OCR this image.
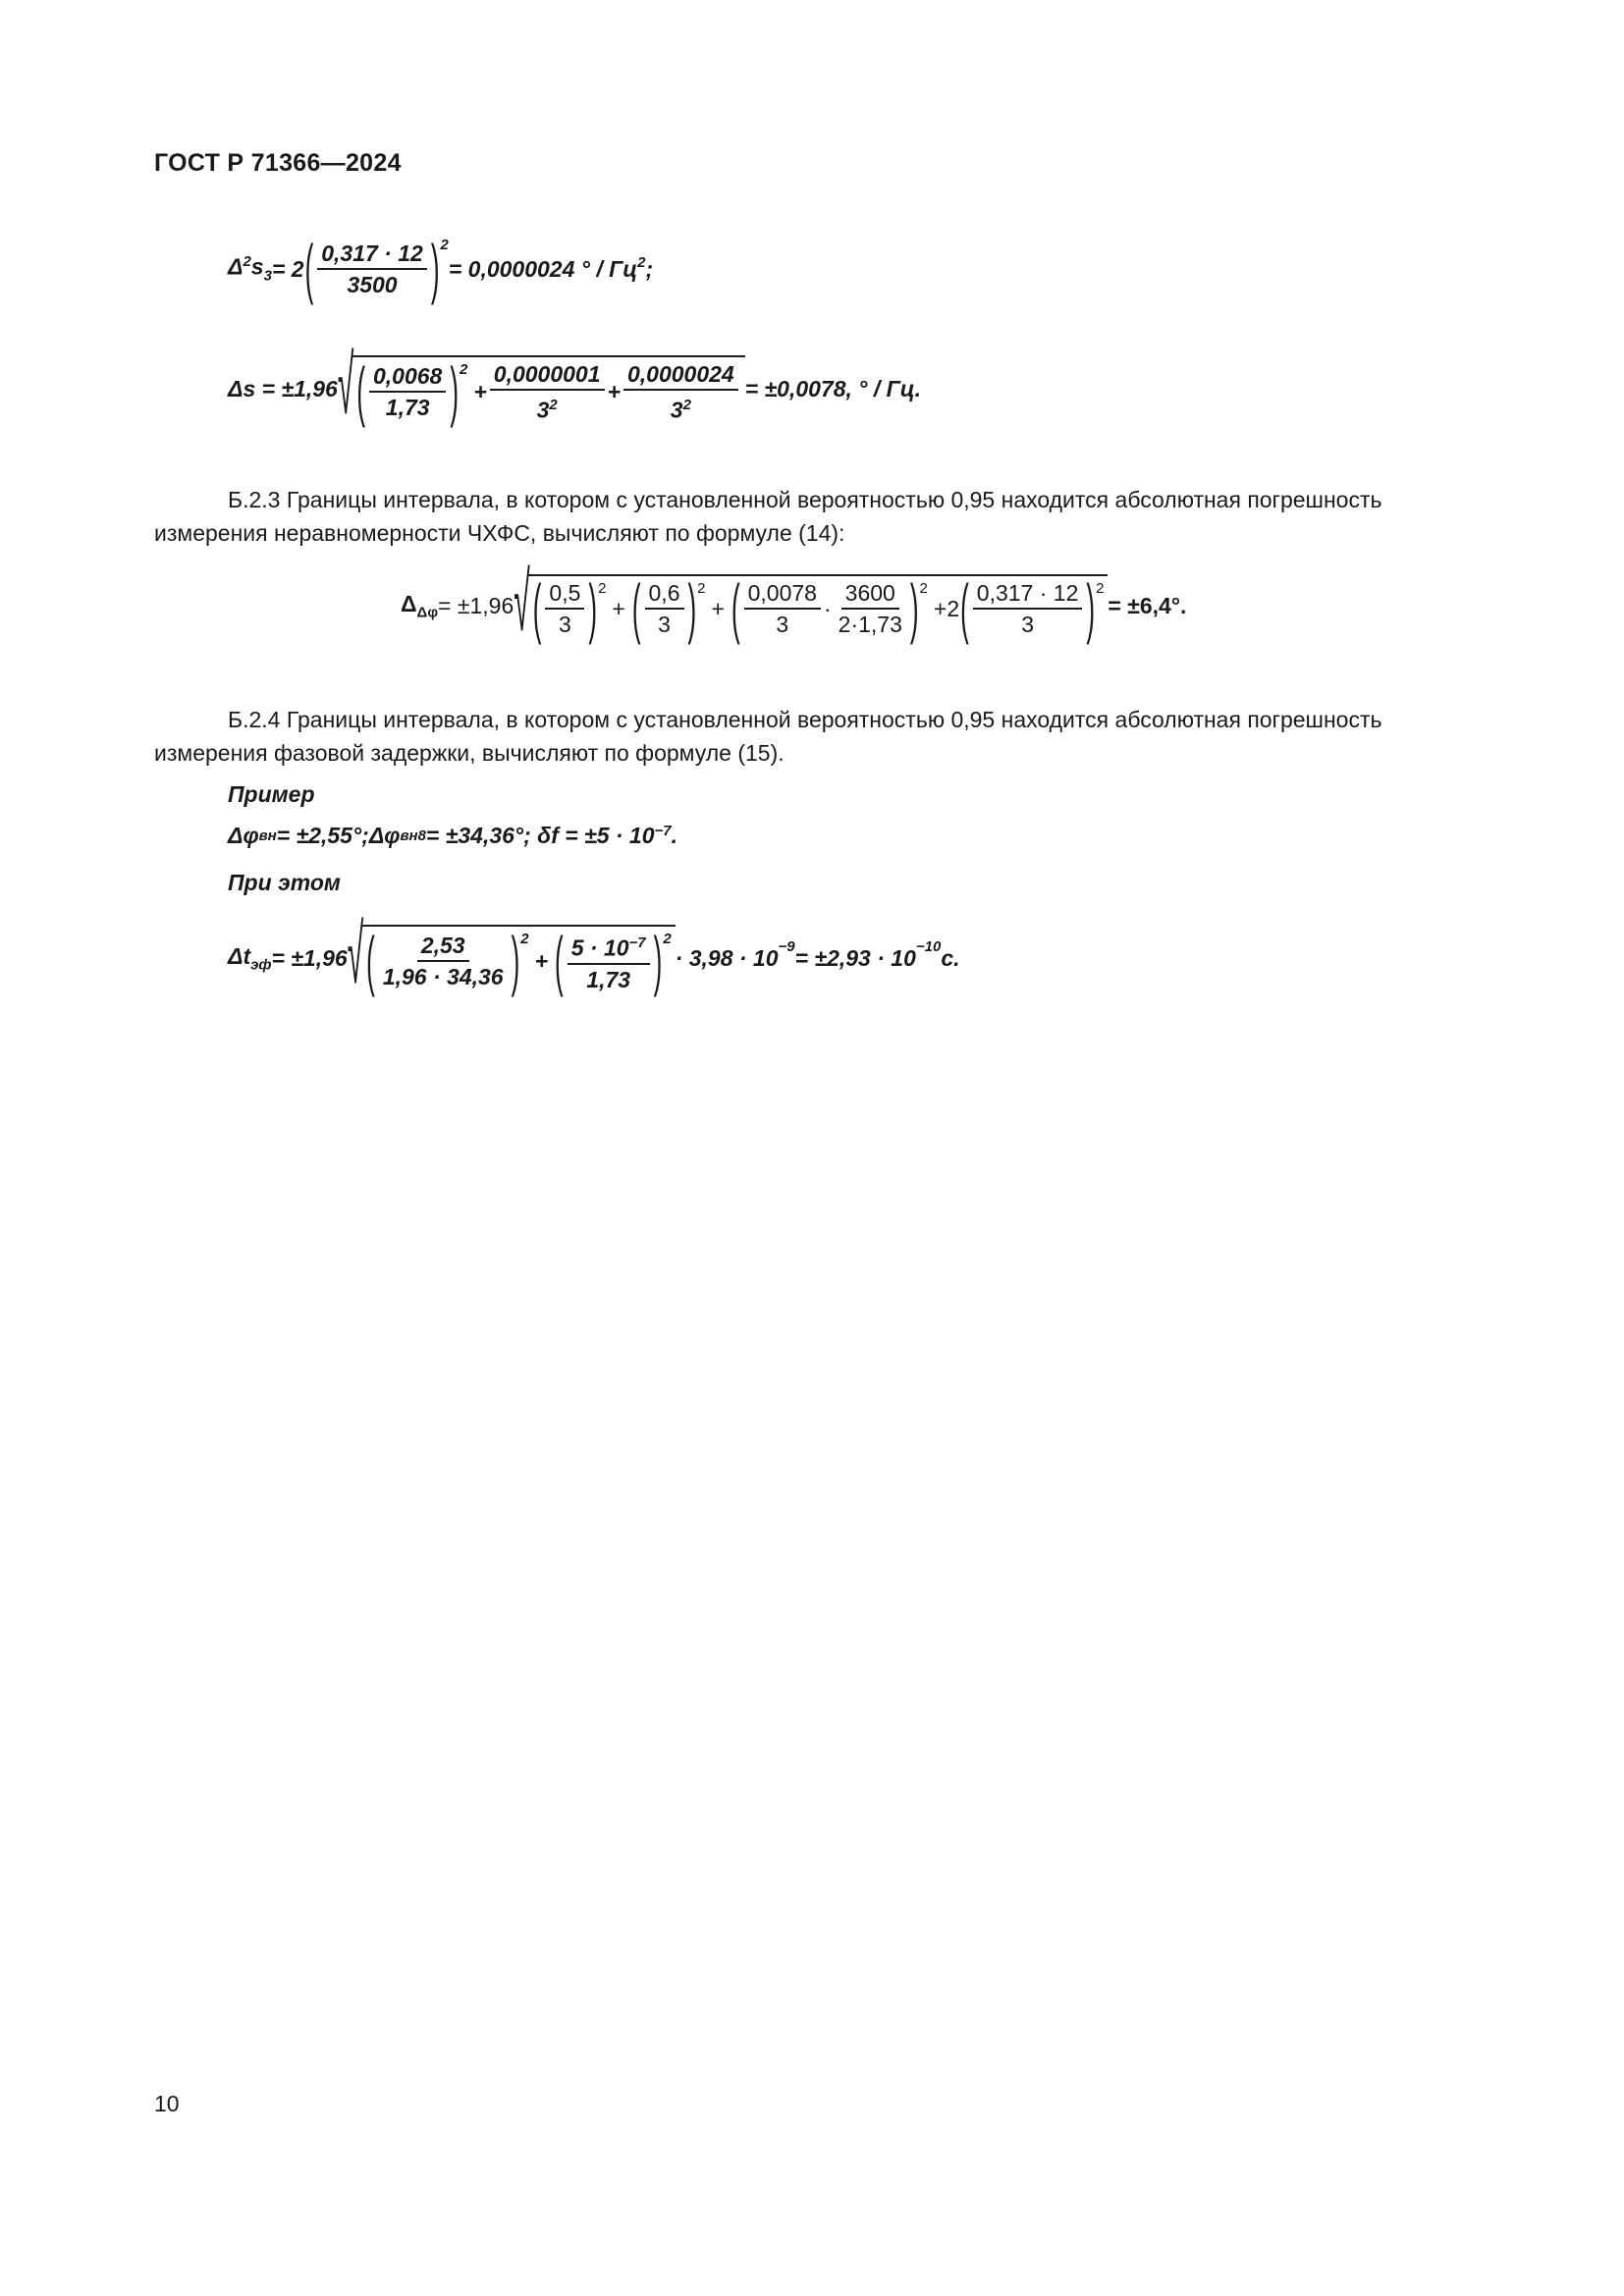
ГОСТ Р 71366—2024
$\Delta^2s_3 = 2$ ( $\frac{0,317 \cdot 12}{3500} )^2$
= 0,0000024 ° / $Гц^2$ ;
Δs = ±1,96 √ ( $\frac{0,0068}{1,73} )^2$
+ $\frac{0,0000001}{3^2} + \frac{0,0000024}{3^2} = \pm 0,0078$, ° / Гц.
Б.2.3 Границы интервала, в котором с установленной вероятностью 0,95 находится абсолютная погрешность измерения неравномерности ЧХФС, вычисляют по формуле (14):
$\Delta_{\Delta\varphi} = \pm 1,96$ √ ( $\frac{0,5}{3} )^2$
+ ( $\frac{0,6}{3} )^2$
+ ( $\frac{0,0078}{3} \cdot \frac{3600}{2\cdot 1,73} )^2$
+2 ( $\frac{0,317 \cdot 12}{3} )^2$
= ±6,4°.
Б.2.4 Границы интервала, в котором с установленной вероятностью 0,95 находится абсолютная погрешность измерения фазовой задержки, вычисляют по формуле (15).
Пример
Δφ вн = ±2,55°; Δφ вн8 = ±34,36°; $\delta f = \pm 5 \cdot 10^{-7}$ .
При этом
$\Delta t_{эф} = \pm 1,96$ √ ( $\frac{2,53}{1,96 \cdot 34,36} )^2$
+ ( $\frac{5 \cdot 10^{-7}}{1,73} )^2$
· $3,98 \cdot 10^{-9} = \pm 2,93 \cdot 10^{-10}$ с.
10
